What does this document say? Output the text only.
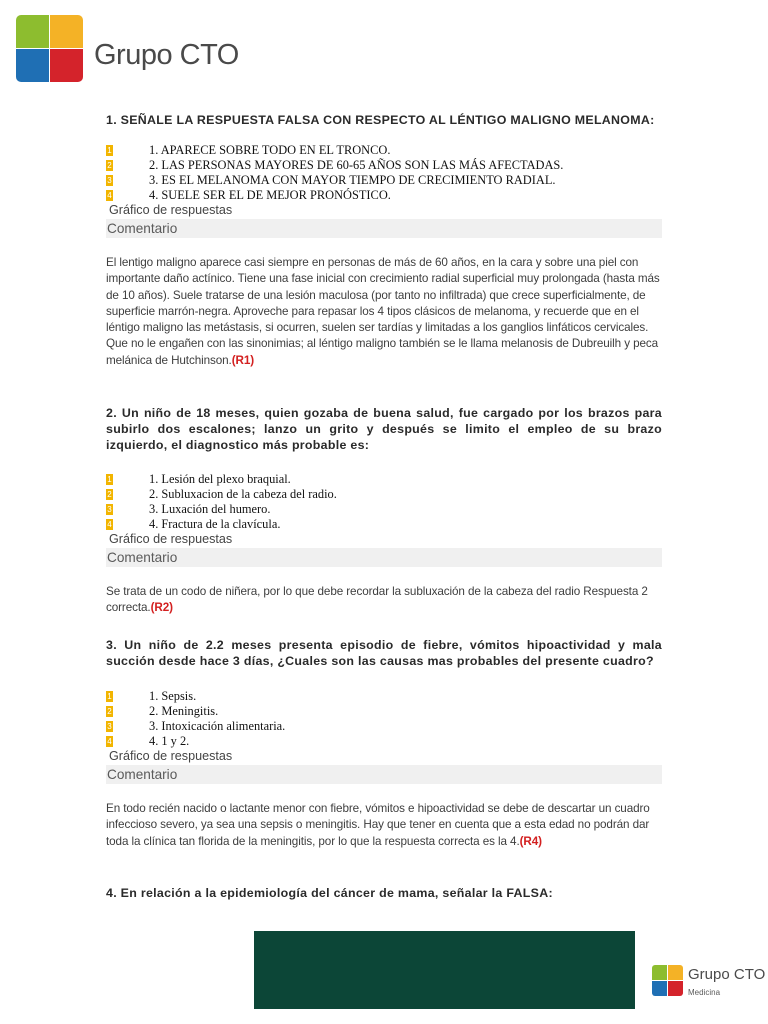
Grupo CTO
1. SEÑALE LA RESPUESTA FALSA CON RESPECTO AL LÉNTIGO MALIGNO MELANOMA:
1	1. APARECE SOBRE TODO EN EL TRONCO.
2	2. LAS PERSONAS MAYORES DE 60-65 AÑOS SON LAS MÁS AFECTADAS.
3	3. ES EL MELANOMA CON MAYOR TIEMPO DE CRECIMIENTO RADIAL.
4	4. SUELE SER EL DE MEJOR PRONÓSTICO.
Gráfico de respuestas
Comentario
El lentigo maligno aparece casi siempre en personas de más de 60 años, en la cara y sobre una piel con importante daño actínico. Tiene una fase inicial con crecimiento radial superficial muy prolongada (hasta más de 10 años). Suele tratarse de una lesión maculosa (por tanto no infiltrada) que crece superficialmente, de superficie marrón-negra. Aproveche para repasar los 4 tipos clásicos de melanoma, y recuerde que en el léntigo maligno las metástasis, si ocurren, suelen ser tardías y limitadas a los ganglios linfáticos cervicales. Que no le engañen con las sinonimias; al léntigo maligno también se le llama melanosis de Dubreuilh y peca melánica de Hutchinson.(R1)
2. Un niño de 18 meses, quien gozaba de buena salud, fue cargado por los brazos para subirlo dos escalones; lanzo un grito y después se limito el empleo de su brazo izquierdo, el diagnostico más probable es:
1	1. Lesión del plexo braquial.
2	2. Subluxacion de la cabeza del radio.
3	3. Luxación del humero.
4	4. Fractura de la clavícula.
Gráfico de respuestas
Comentario
Se trata de un codo de niñera, por lo que debe recordar la subluxación de la cabeza del radio Respuesta 2 correcta.(R2)
3. Un niño de 2.2 meses presenta episodio de fiebre, vómitos hipoactividad y mala succión desde hace 3 días, ¿Cuales son las causas mas probables del presente cuadro?
1	1. Sepsis.
2	2. Meningitis.
3	3. Intoxicación alimentaria.
4	4. 1 y 2.
Gráfico de respuestas
Comentario
En todo recién nacido o lactante menor con fiebre, vómitos e hipoactividad se debe de descartar un cuadro infeccioso severo, ya sea una sepsis o meningitis. Hay que tener en cuenta que a esta edad no podrán dar toda la clínica tan florida de la meningitis, por lo que la respuesta correcta es la 4.(R4)
4. En relación a la epidemiología del cáncer de mama, señalar la FALSA:
Grupo CTO
Medicina
